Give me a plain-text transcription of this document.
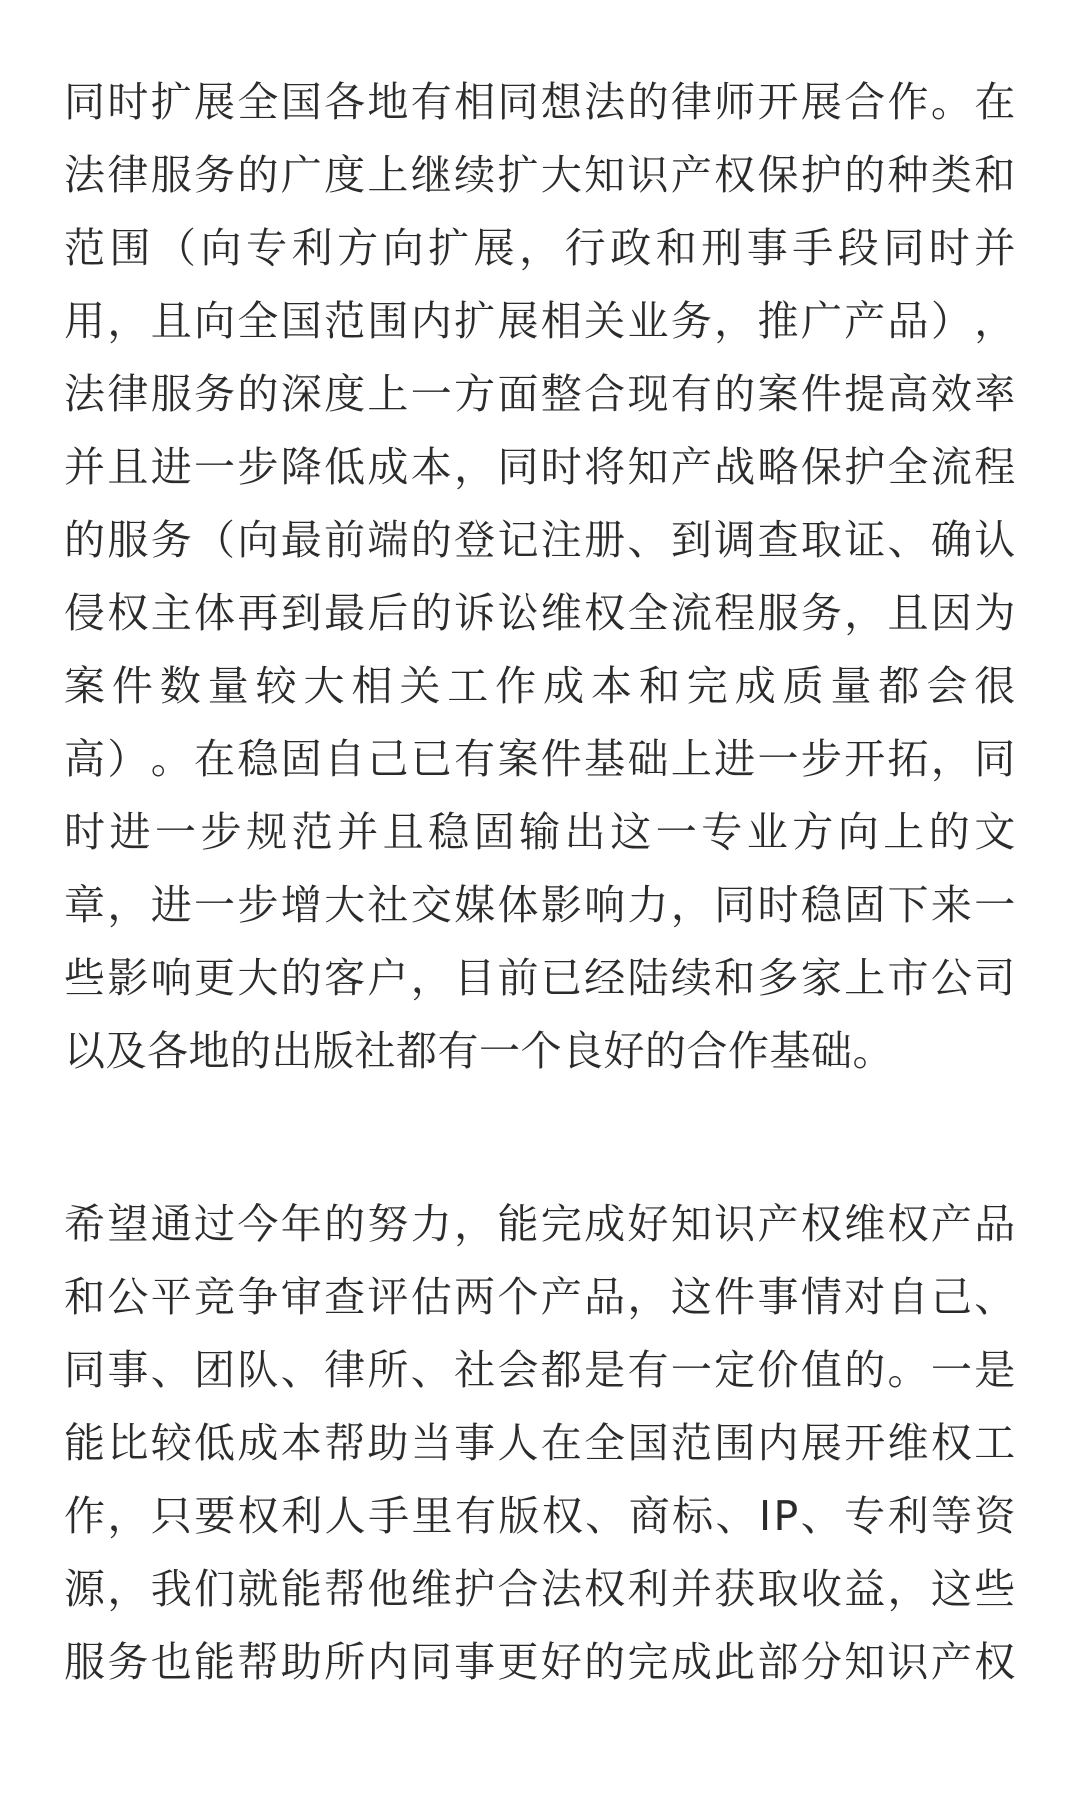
同 时 扩 展 全 国 各 地 有 相 同 想 法 的 律 师 开 展 合 作 。 在
法 律 服 务 的 广 度 上 继 续 扩 大 知 识 产 权 保 护 的 种 类 和
范 围 （ 向 专 利 方 向 扩 展 ， 行 政 和 刑 事 手 段 同 时 并
用 ， 且 向 全 国 范 围 内 扩 展 相 关 业 务 ， 推 广 产 品 ） ，
法 律 服 务 的 深 度 上 一 方 面 整 合 现 有 的 案 件 提 高 效 率
并 且 进 一 步 降 低 成 本 ， 同 时 将 知 产 战 略 保 护 全 流 程
的 服 务 （ 向 最 前 端 的 登 记 注 册 、 到 调 查 取 证 、 确 认
侵 权 主 体 再 到 最 后 的 诉 讼 维 权 全 流 程 服 务 ， 且 因 为
案 件 数 量 较 大 相 关 工 作 成 本 和 完 成 质 量 都 会 很
高 ） 。 在 稳 固 自 己 已 有 案 件 基 础 上 进 一 步 开 拓 ， 同
时 进 一 步 规 范 并 且 稳 固 输 出 这 一 专 业 方 向 上 的 文
章 ， 进 一 步 增 大 社 交 媒 体 影 响 力 ， 同 时 稳 固 下 来 一
些 影 响 更 大 的 客 户 ， 目 前 已 经 陆 续 和 多 家 上 市 公 司
以及各地的出版社都有一个良好的合作基础。
希 望 通 过 今 年 的 努 力 ， 能 完 成 好 知 识 产 权 维 权 产 品
和 公 平 竞 争 审 查 评 估 两 个 产 品 ， 这 件 事 情 对 自 己 、
同 事 、 团 队 、 律 所 、 社 会 都 是 有 一 定 价 值 的 。 一 是
能 比 较 低 成 本 帮 助 当 事 人 在 全 国 范 围 内 展 开 维 权 工
作 ， 只 要 权 利 人 手 里 有 版 权 、 商 标 、 I P 、 专 利 等 资
源 ， 我 们 就 能 帮 他 维 护 合 法 权 利 并 获 取 收 益 ， 这 些
服 务 也 能 帮 助 所 内 同 事 更 好 的 完 成 此 部 分 知 识 产 权
